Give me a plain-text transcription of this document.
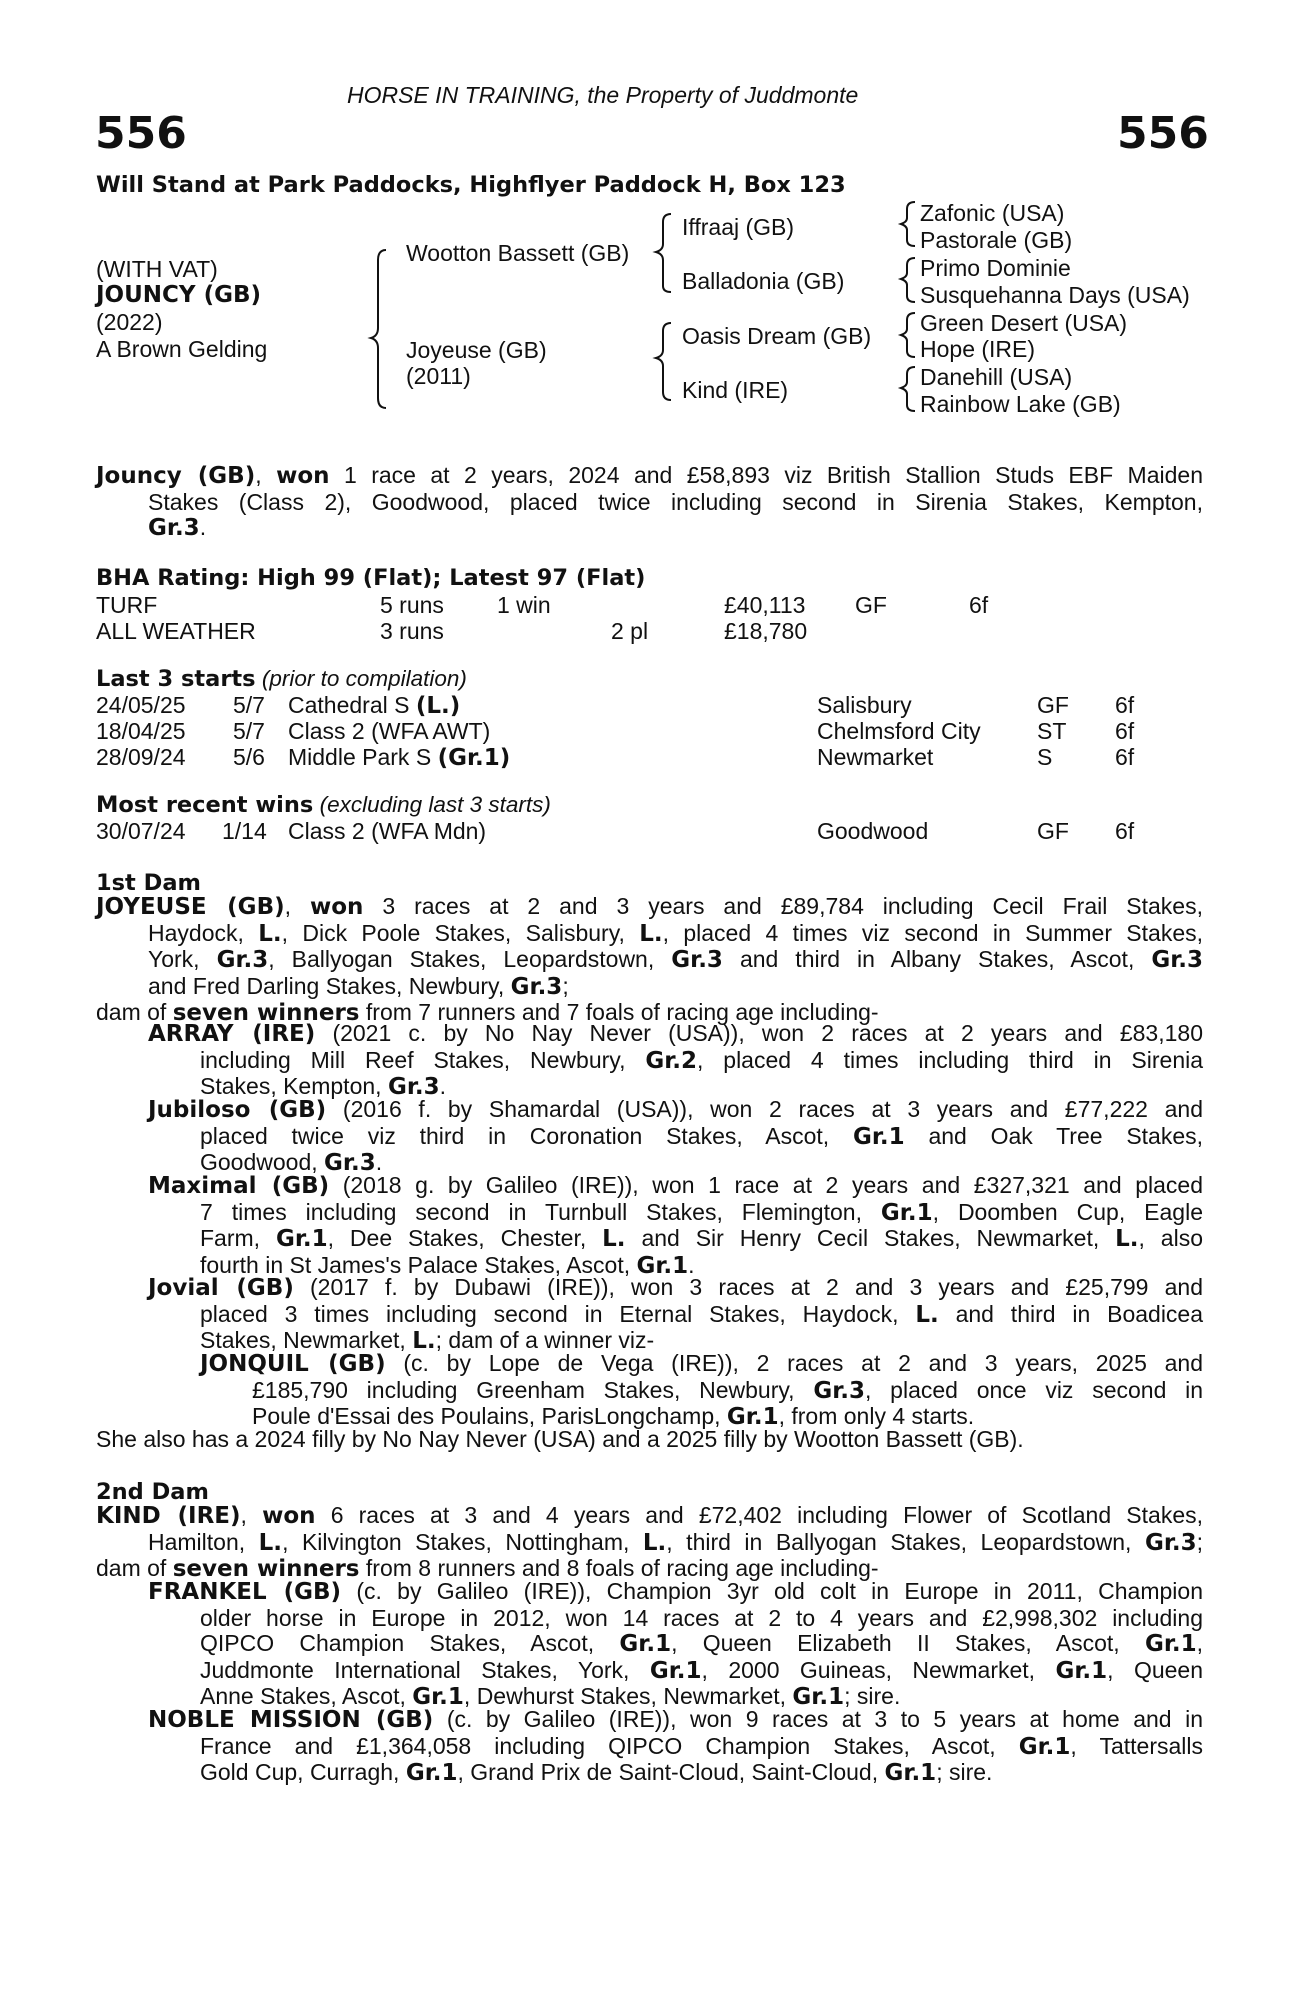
HORSE IN TRAINING, the Property of Juddmonte
556	556
Will Stand at Park Paddocks, Highflyer Paddock H, Box 123
(WITH VAT)
JOUNCY (GB)
(2022)
A Brown Gelding
Wootton Bassett (GB)
Joyeuse (GB)
(2011)
Iffraaj (GB)
Balladonia (GB)
Oasis Dream (GB)
Kind (IRE)
Zafonic (USA)
Pastorale (GB)
Primo Dominie
Susquehanna Days (USA)
Green Desert (USA)
Hope (IRE)
Danehill (USA)
Rainbow Lake (GB)

Jouncy (GB), won 1 race at 2 years, 2024 and £58,893 viz British Stallion Studs EBF Maiden

Stakes (Class 2), Goodwood, placed twice including second in Sirenia Stakes, Kempton,

Gr.3.

BHA Rating: High 99 (Flat); Latest 97 (Flat)
TURF	5 runs 1 win	£40,113 GF	6f
ALL WEATHER	3 runs	2 pl	£18,780
Last 3 starts (prior to compilation)
24/05/25 5/7 Cathedral S (L.)	Salisbury	GF 6f
18/04/25 5/7 Class 2 (WFA AWT)	Chelmsford City ST 6f
28/09/24 5/6 Middle Park S (Gr.1)	Newmarket	S	6f
Most recent wins (excluding last 3 starts)
30/07/24 1/14 Class 2 (WFA Mdn)	Goodwood	GF 6f
1st Dam

JOYEUSE (GB), won 3 races at 2 and 3 years and £89,784 including Cecil Frail Stakes,

Haydock, L., Dick Poole Stakes, Salisbury, L., placed 4 times viz second in Summer Stakes,

York, Gr.3, Ballyogan Stakes, Leopardstown, Gr.3 and third in Albany Stakes, Ascot, Gr.3

and Fred Darling Stakes, Newbury, Gr.3;

dam of seven winners from 7 runners and 7 foals of racing age including-

ARRAY (IRE) (2021 c. by No Nay Never (USA)), won 2 races at 2 years and £83,180

including Mill Reef Stakes, Newbury, Gr.2, placed 4 times including third in Sirenia

Stakes, Kempton, Gr.3.

Jubiloso (GB) (2016 f. by Shamardal (USA)), won 2 races at 3 years and £77,222 and

placed twice viz third in Coronation Stakes, Ascot, Gr.1 and Oak Tree Stakes,

Goodwood, Gr.3.

Maximal (GB) (2018 g. by Galileo (IRE)), won 1 race at 2 years and £327,321 and placed

7 times including second in Turnbull Stakes, Flemington, Gr.1, Doomben Cup, Eagle

Farm, Gr.1, Dee Stakes, Chester, L. and Sir Henry Cecil Stakes, Newmarket, L., also

fourth in St James's Palace Stakes, Ascot, Gr.1.

Jovial (GB) (2017 f. by Dubawi (IRE)), won 3 races at 2 and 3 years and £25,799 and

placed 3 times including second in Eternal Stakes, Haydock, L. and third in Boadicea

Stakes, Newmarket, L.; dam of a winner viz-

JONQUIL (GB) (c. by Lope de Vega (IRE)), 2 races at 2 and 3 years, 2025 and

£185,790 including Greenham Stakes, Newbury, Gr.3, placed once viz second in

Poule d'Essai des Poulains, ParisLongchamp, Gr.1, from only 4 starts.

She also has a 2024 filly by No Nay Never (USA) and a 2025 filly by Wootton Bassett (GB).
2nd Dam

KIND (IRE), won 6 races at 3 and 4 years and £72,402 including Flower of Scotland Stakes,

Hamilton, L., Kilvington Stakes, Nottingham, L., third in Ballyogan Stakes, Leopardstown, Gr.3;

dam of seven winners from 8 runners and 8 foals of racing age including-

FRANKEL (GB) (c. by Galileo (IRE)), Champion 3yr old colt in Europe in 2011, Champion

older horse in Europe in 2012, won 14 races at 2 to 4 years and £2,998,302 including

QIPCO Champion Stakes, Ascot, Gr.1, Queen Elizabeth II Stakes, Ascot, Gr.1,

Juddmonte International Stakes, York, Gr.1, 2000 Guineas, Newmarket, Gr.1, Queen

Anne Stakes, Ascot, Gr.1, Dewhurst Stakes, Newmarket, Gr.1; sire.

NOBLE MISSION (GB) (c. by Galileo (IRE)), won 9 races at 3 to 5 years at home and in

France and £1,364,058 including QIPCO Champion Stakes, Ascot, Gr.1, Tattersalls

Gold Cup, Curragh, Gr.1, Grand Prix de Saint-Cloud, Saint-Cloud, Gr.1; sire.
